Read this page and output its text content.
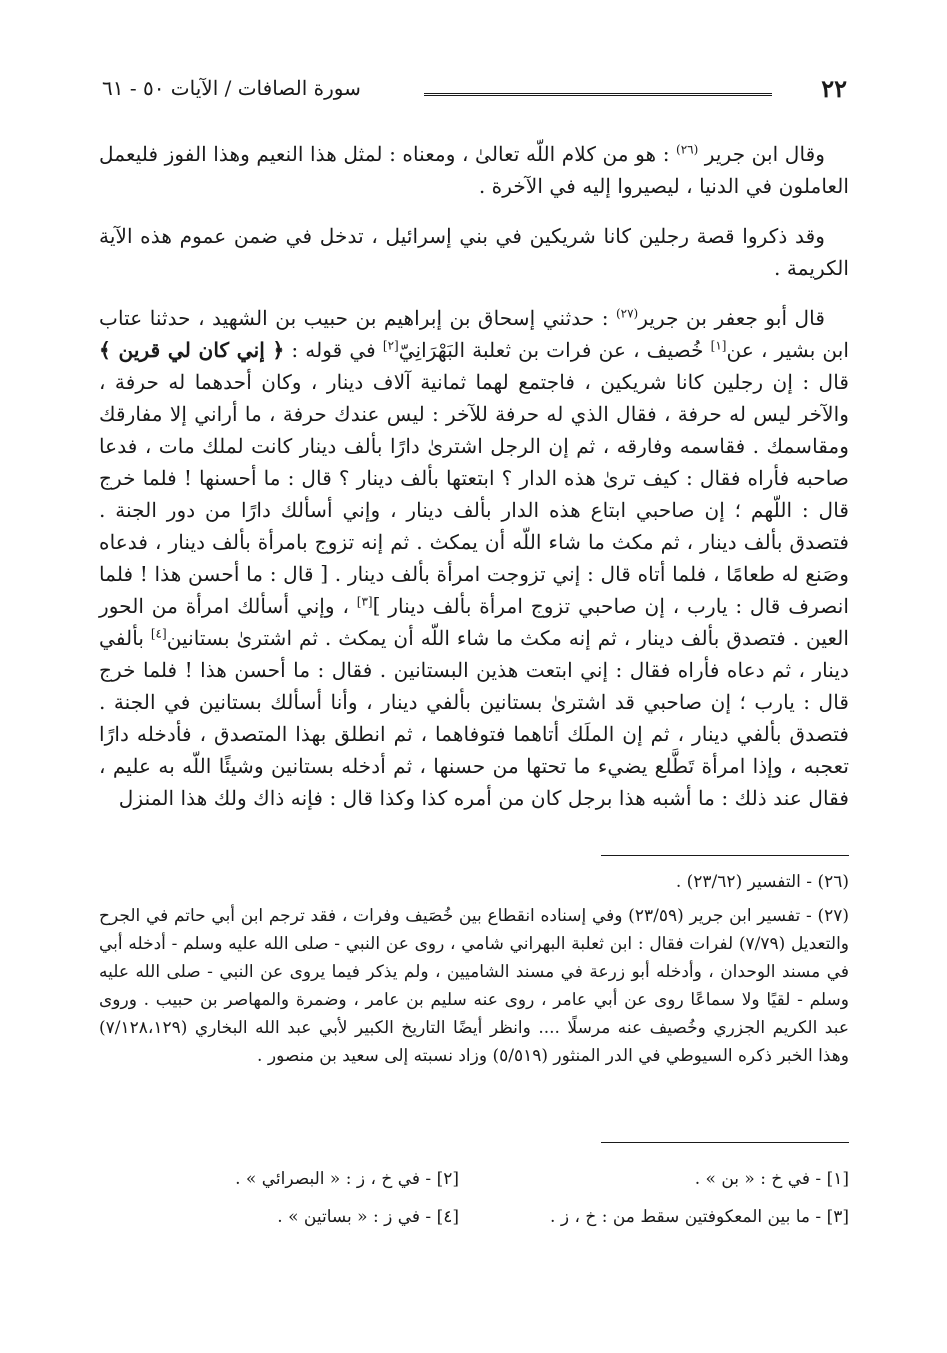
٢٢
سورة الصافات / الآيات ٥٠ - ٦١

وقال ابن جرير $^{(٢٦)}$ : هو من كلام اللّه تعالىٰ ، ومعناه : لمثل هذا النعيم وهذا الفوز فليعمل العاملون في الدنيا ، ليصيروا إليه في الآخرة .

وقد ذكروا قصة رجلين كانا شريكين في بني إسرائيل ، تدخل في ضمن عموم هذه الآية الكريمة .

قال أبو جعفر بن جرير$^{(٢٧)}$ : حدثني إسحاق بن إبراهيم بن حبيب بن الشهيد ، حدثنا عتاب ابن بشير ، عن[١] خُصيف ، عن فرات بن ثعلبة البَهْرَانِيّ[٢] في قوله : ﴿ إني كان لي قرين ﴾ قال : إن رجلين كانا شريكين ، فاجتمع لهما ثمانية آلاف دينار ، وكان أحدهما له حرفة ، والآخر ليس له حرفة ، فقال الذي له حرفة للآخر : ليس عندك حرفة ، ما أراني إلا مفارقك ومقاسمك . فقاسمه وفارقه ، ثم إن الرجل اشترىٰ دارًا بألف دينار كانت لملك مات ، فدعا صاحبه فأراه فقال : كيف ترىٰ هذه الدار ؟ ابتعتها بألف دينار ؟ قال : ما أحسنها ! فلما خرج قال : اللّهم ؛ إن صاحبي ابتاع هذه الدار بألف دينار ، وإني أسألك دارًا من دور الجنة . فتصدق بألف دينار ، ثم مكث ما شاء اللّه أن يمكث . ثم إنه تزوج بامرأة بألف دينار ، فدعاه وصَنع له طعامًا ، فلما أتاه قال : إني تزوجت امرأة بألف دينار . [ قال : ما أحسن هذا ! فلما انصرف قال : يارب ، إن صاحبي تزوج امرأة بألف دينار ][٣] ، وإني أسألك امرأة من الحور العين . فتصدق بألف دينار ، ثم إنه مكث ما شاء اللّه أن يمكث . ثم اشترىٰ بستانين[٤] بألفي دينار ، ثم دعاه فأراه فقال : إني ابتعت هذين البستانين . فقال : ما أحسن هذا ! فلما خرج قال : يارب ؛ إن صاحبي قد اشترىٰ بستانين بألفي دينار ، وأنا أسألك بستانين في الجنة . فتصدق بألفي دينار ، ثم إن الملَك أتاهما فتوفاهما ، ثم انطلق بهذا المتصدق ، فأدخله دارًا تعجبه ، وإذا امرأة تَطَّلع يضيء ما تحتها من حسنها ، ثم أدخله بستانين وشيئًا اللّه به عليم ، فقال عند ذلك : ما أشبه هذا برجل كان من أمره كذا وكذا قال : فإنه ذاك ولك هذا المنزل

(٢٦) - التفسير (٢٣/٦٢) .

(٢٧) - تفسير ابن جرير (٢٣/٥٩) وفي إسناده انقطاع بين خُصَيف وفرات ، فقد ترجم ابن أبي حاتم في الجرح والتعديل (٧/٧٩) لفرات فقال : ابن ثعلبة البهراني شامي ، روى عن النبي - صلى الله عليه وسلم - أدخله أبي في مسند الوحدان ، وأدخله أبو زرعة في مسند الشاميين ، ولم يذكر فيما يروى عن النبي - صلى الله عليه وسلم - لقيًا ولا سماعًا روى عن أبي عامر ، روى عنه سليم بن عامر ، وضمرة والمهاصر بن حبيب . وروى عبد الكريم الجزري وخُصيف عنه مرسلًا .... وانظر أيضًا التاريخ الكبير لأبي عبد الله البخاري (٧/١٢٨،١٢٩) وهذا الخبر ذكره السيوطي في الدر المنثور (٥/٥١٩) وزاد نسبته إلى سعيد بن منصور .

[١] - في خ : « بن » .
[٢] - في خ ، ز : « البصرائي » .
[٣] - ما بين المعكوفتين سقط من : خ ، ز .
[٤] - في ز : « بساتين » .
